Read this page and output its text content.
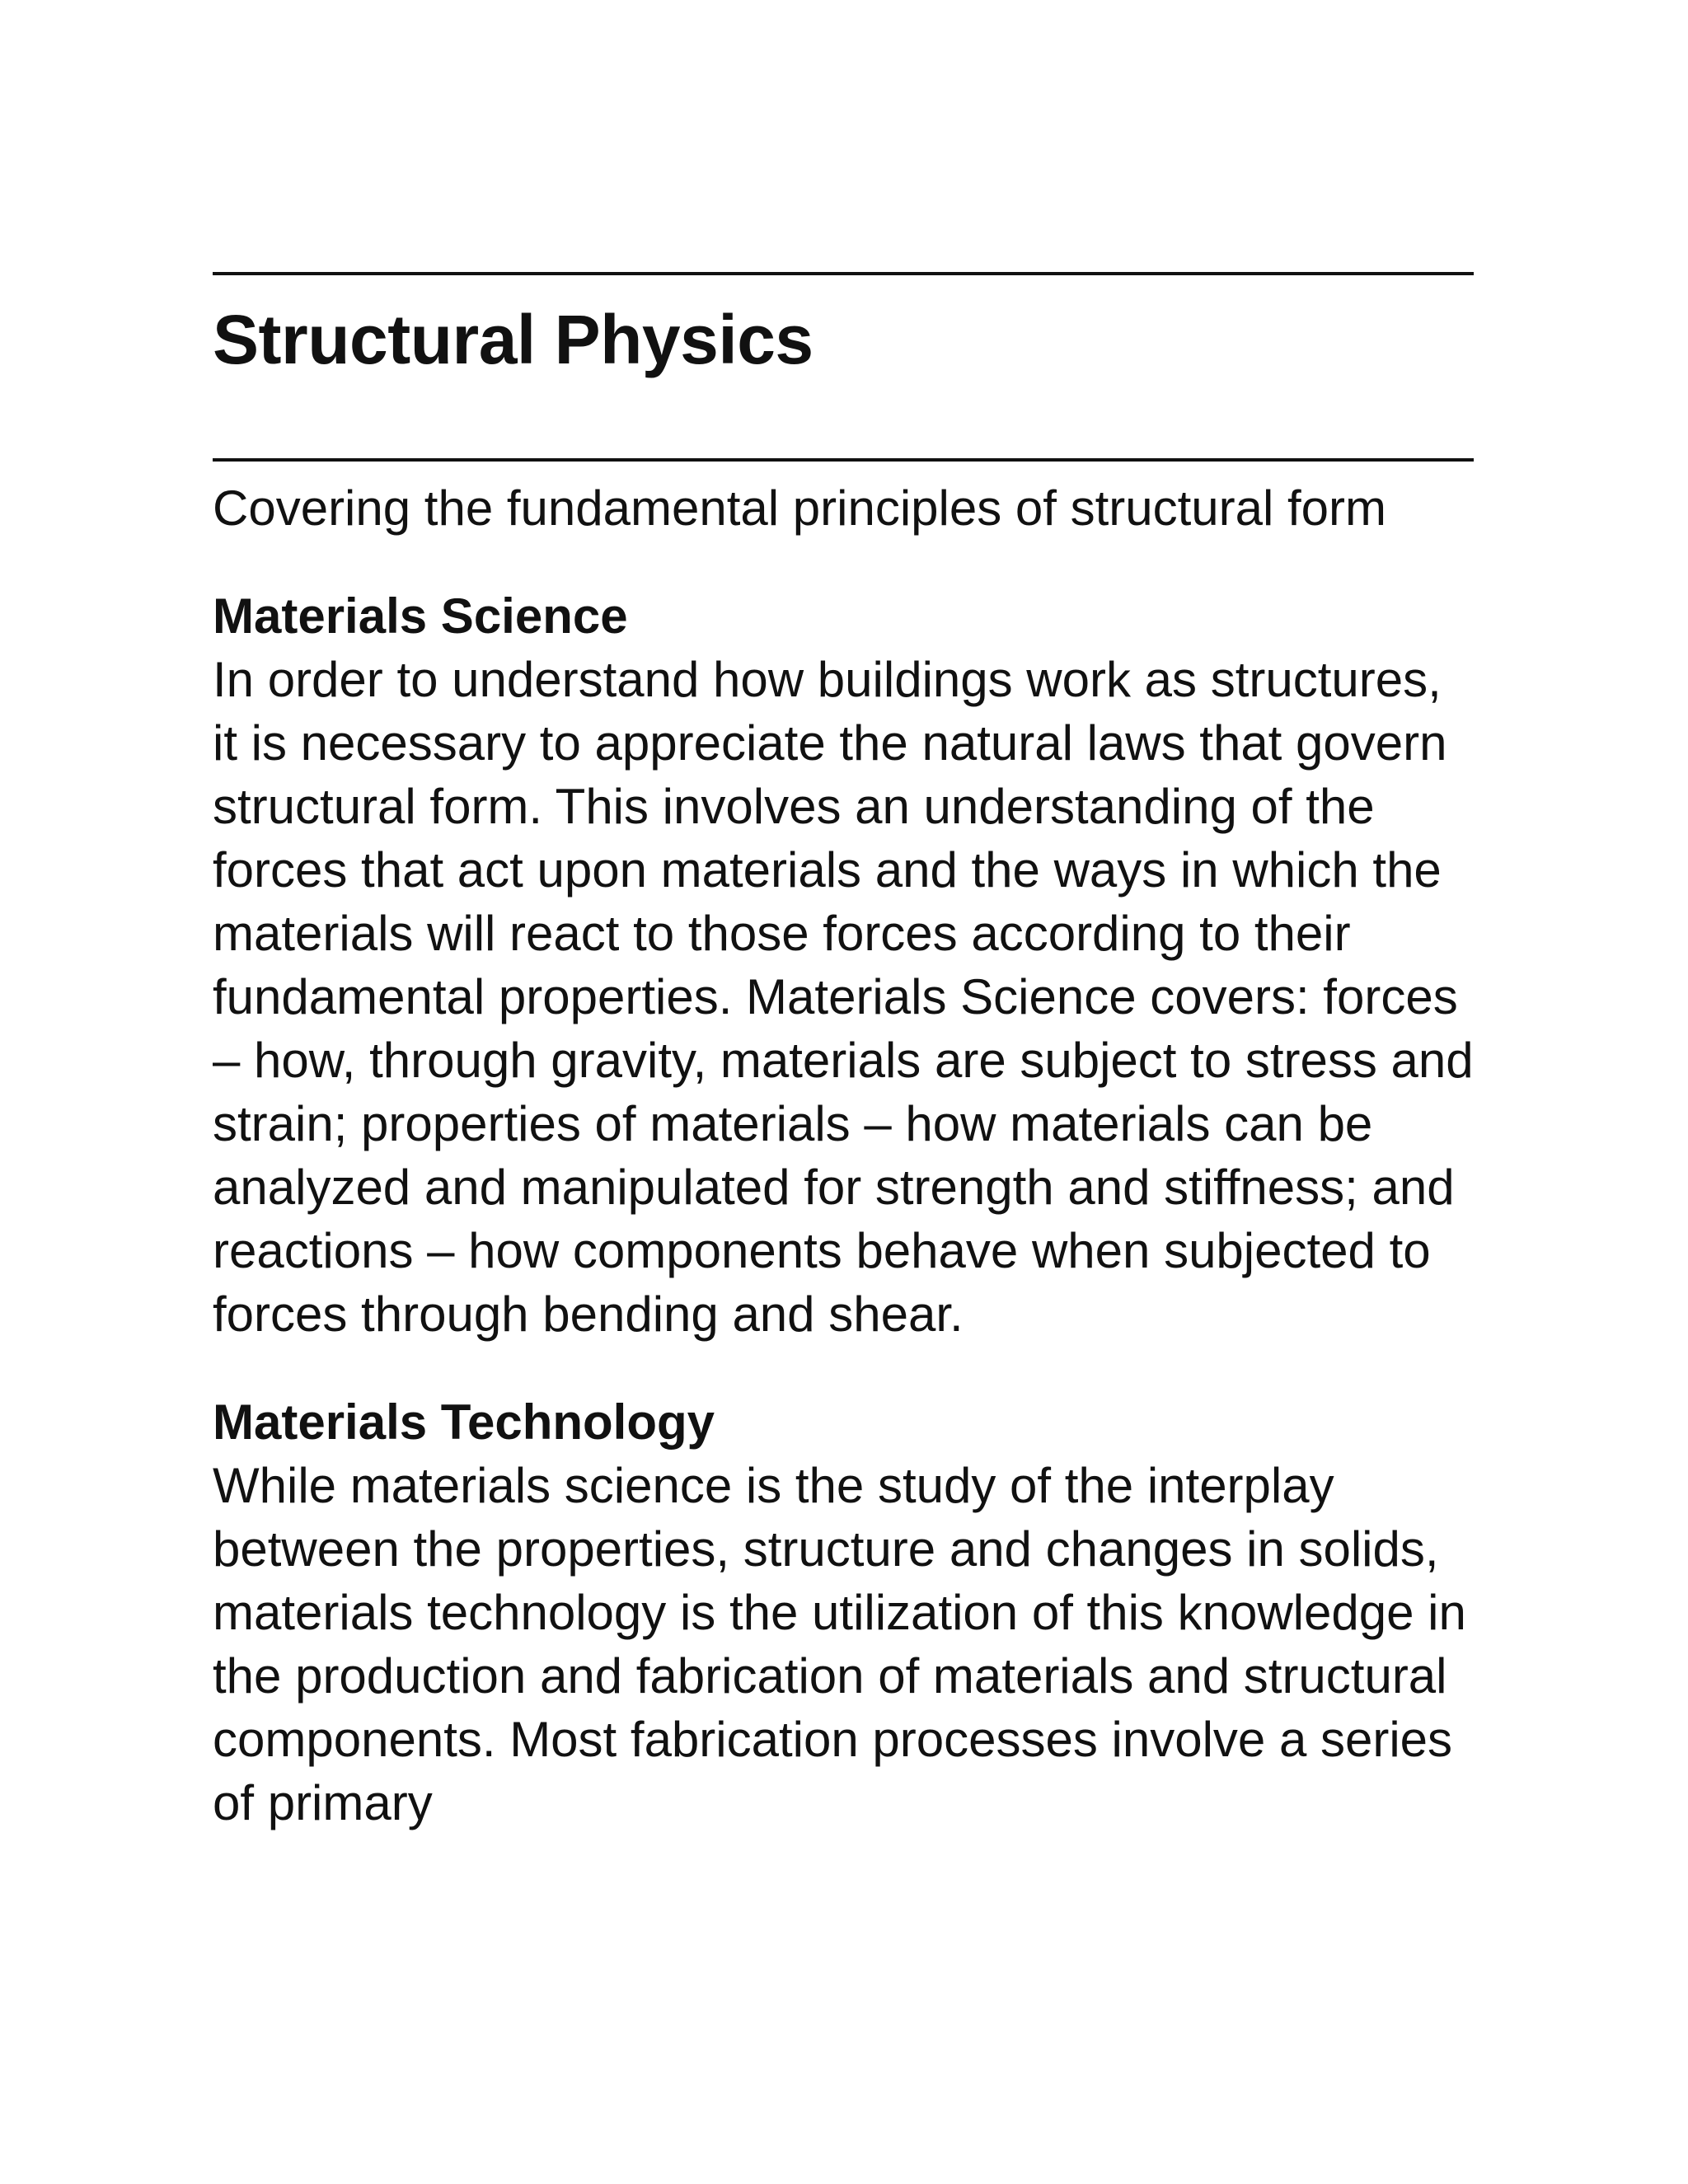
Structural Physics

Covering the fundamental principles of structural form

Materials Science

In order to understand how buildings work as structures, it is necessary to appreciate the natural laws that govern structural form. This involves an understanding of the forces that act upon materials and the ways in which the materials will react to those forces according to their fundamental properties. Materials Science covers: forces – how, through gravity, materials are subject to stress and strain; properties of materials – how materials can be analyzed and manipulated for strength and stiffness; and reactions – how components behave when subjected to forces through bending and shear.

Materials Technology

While materials science is the study of the interplay between the properties, structure and changes in solids, materials technology is the utilization of this knowledge in the production and fabrication of materials and structural components. Most fabrication processes involve a series of primary
